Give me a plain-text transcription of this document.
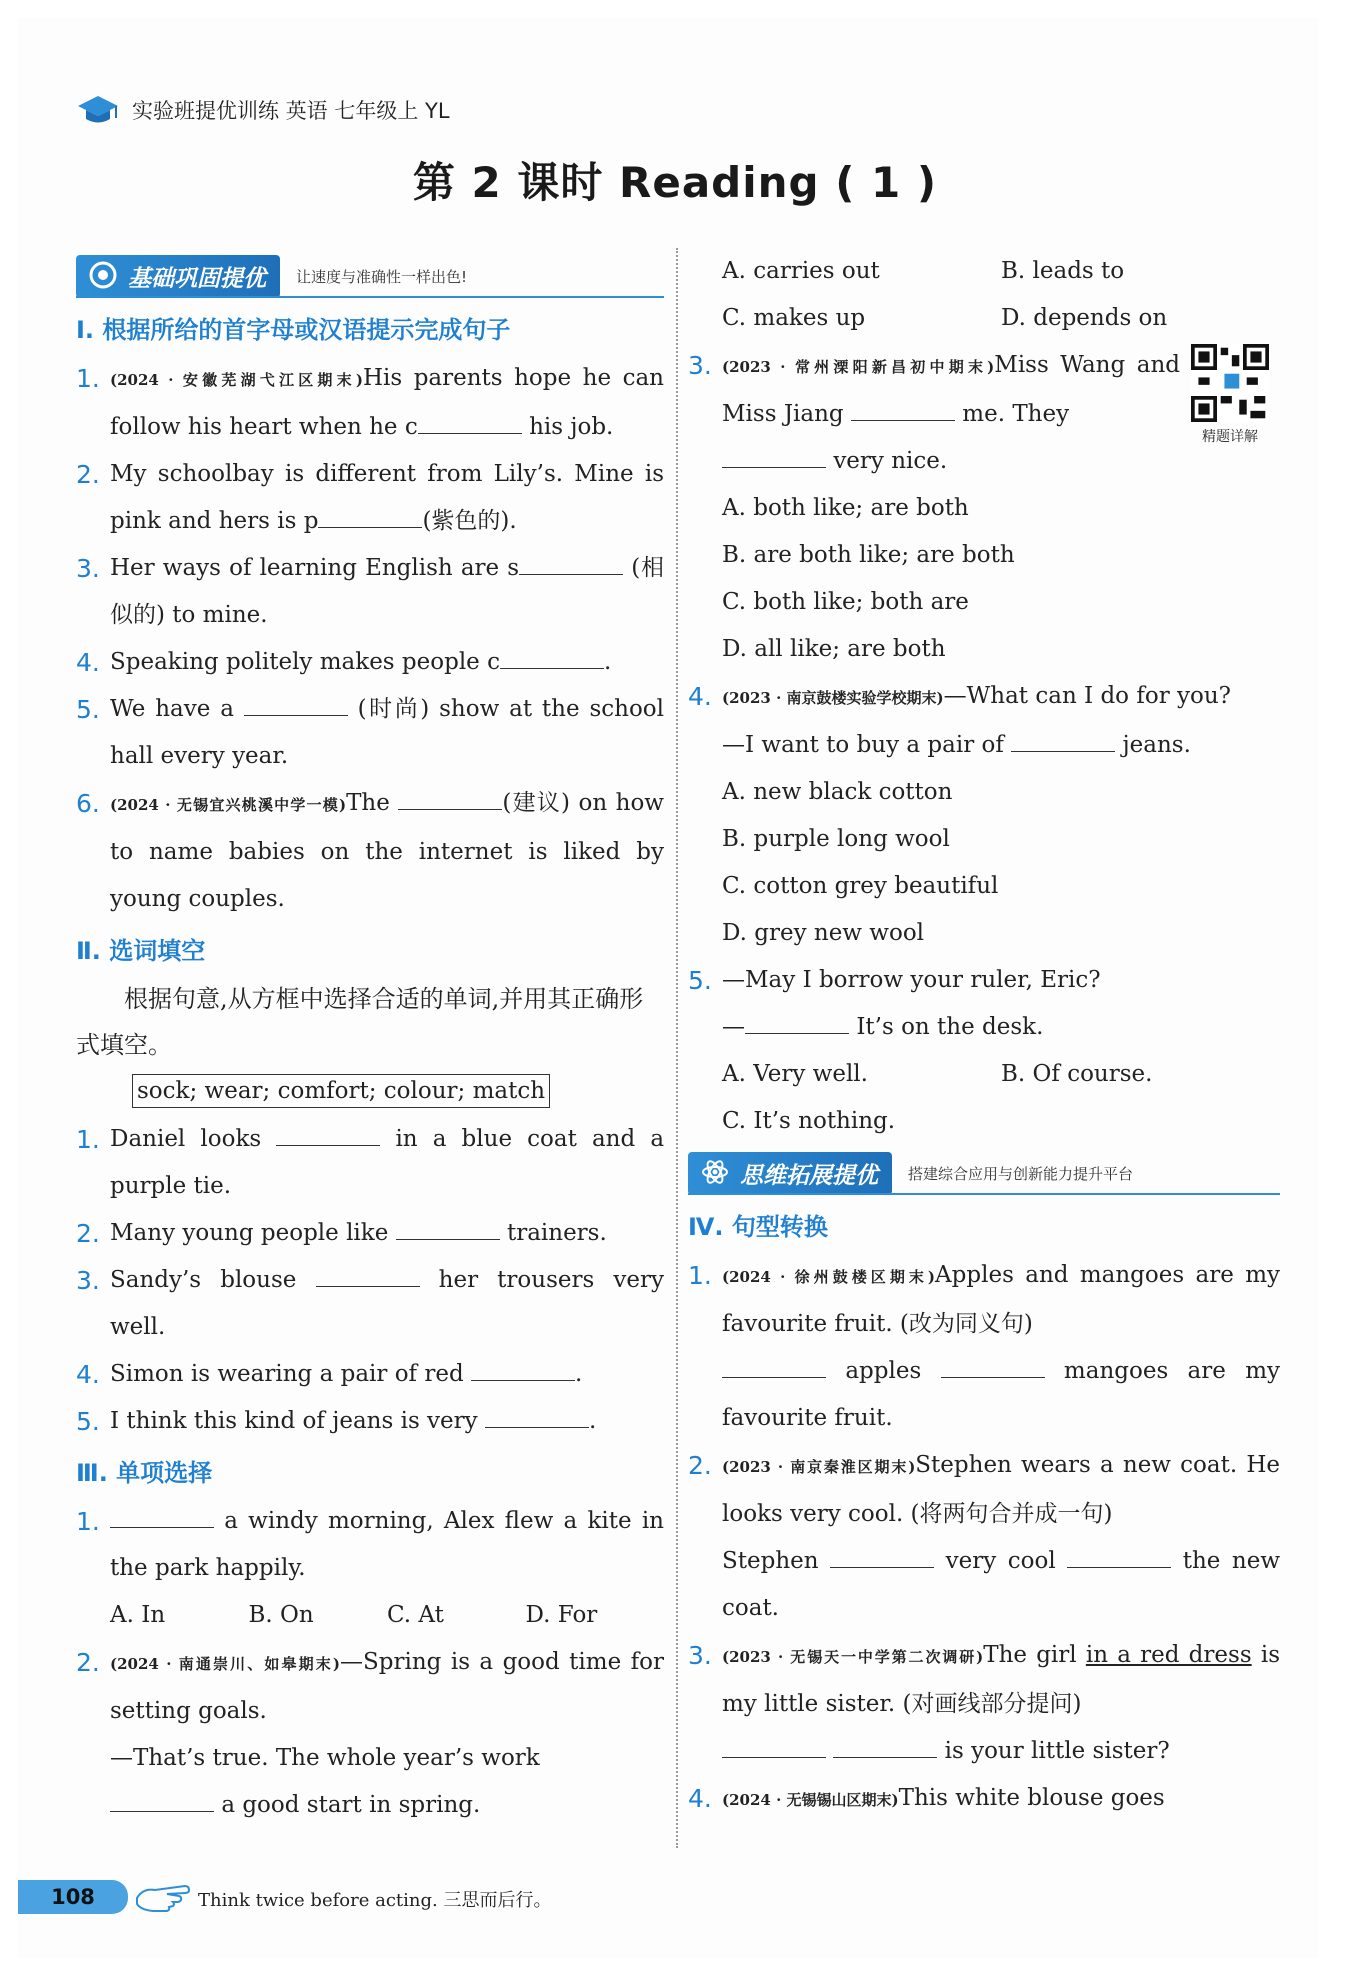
实验班提优训练 英语 七年级上 YL
第 2 课时 Reading ( 1 )
基础巩固提优	让速度与准确性一样出色!
Ⅰ. 根据所给的首字母或汉语提示完成句子
1. (2024 · 安徽芜湖弋江区期末)His parents hope he can follow his heart when he c	his job.
2. My schoolbay is different from Lily’s. Mine is pink and hers is p	(紫色的).
3. Her ways of learning English are s	(相似的) to mine.
4. Speaking politely makes people c	.
5. We have a	(时尚) show at the school hall every year.
6. (2024 · 无锡宜兴桃溪中学一模)The	(建议) on how to name babies on the internet is liked by young couples.
Ⅱ. 选词填空
根据句意,从方框中选择合适的单词,并用其正确形式填空。
sock; wear; comfort; colour; match
1. Daniel looks	in a blue coat and a purple tie.
2. Many young people like	trainers.
3. Sandy’s blouse	her trousers very well.
4. Simon is wearing a pair of red	.
5. I think this kind of jeans is very	.
Ⅲ. 单项选择
1.	a windy morning, Alex flew a kite in the park happily.
A. In	B. On	C. At	D. For
2. (2024 · 南通崇川、如皋期末)—Spring is a good time for setting goals.
—That’s true. The whole year’s work
a good start in spring.
A. carries out	B. leads to
C. makes up	D. depends on
3. (2023 · 常州溧阳新昌初中期末)Miss Wang and Miss Jiang	me. They
very nice.
精题详解
A. both like; are both
B. are both like; are both
C. both like; both are
D. all like; are both
4. (2023 · 南京鼓楼实验学校期末)—What can I do for you?
—I want to buy a pair of	jeans.
A. new black cotton
B. purple long wool
C. cotton grey beautiful
D. grey new wool
5. —May I borrow your ruler, Eric?
—	It’s on the desk.
A. Very well.	B. Of course.
C. It’s nothing.
思维拓展提优	搭建综合应用与创新能力提升平台
Ⅳ. 句型转换
1. (2024 · 徐州鼓楼区期末)Apples and mangoes are my favourite fruit. (改为同义句)
apples	mangoes are my favourite fruit.
2. (2023 · 南京秦淮区期末)Stephen wears a new coat. He looks very cool. (将两句合并成一句)
Stephen	very cool	the new coat.
3. (2023 · 无锡天一中学第二次调研)The girl in a red dress is my little sister. (对画线部分提问)
is your little sister?
4. (2024 · 无锡锡山区期末)This white blouse goes
108	Think twice before acting. 三思而后行。
